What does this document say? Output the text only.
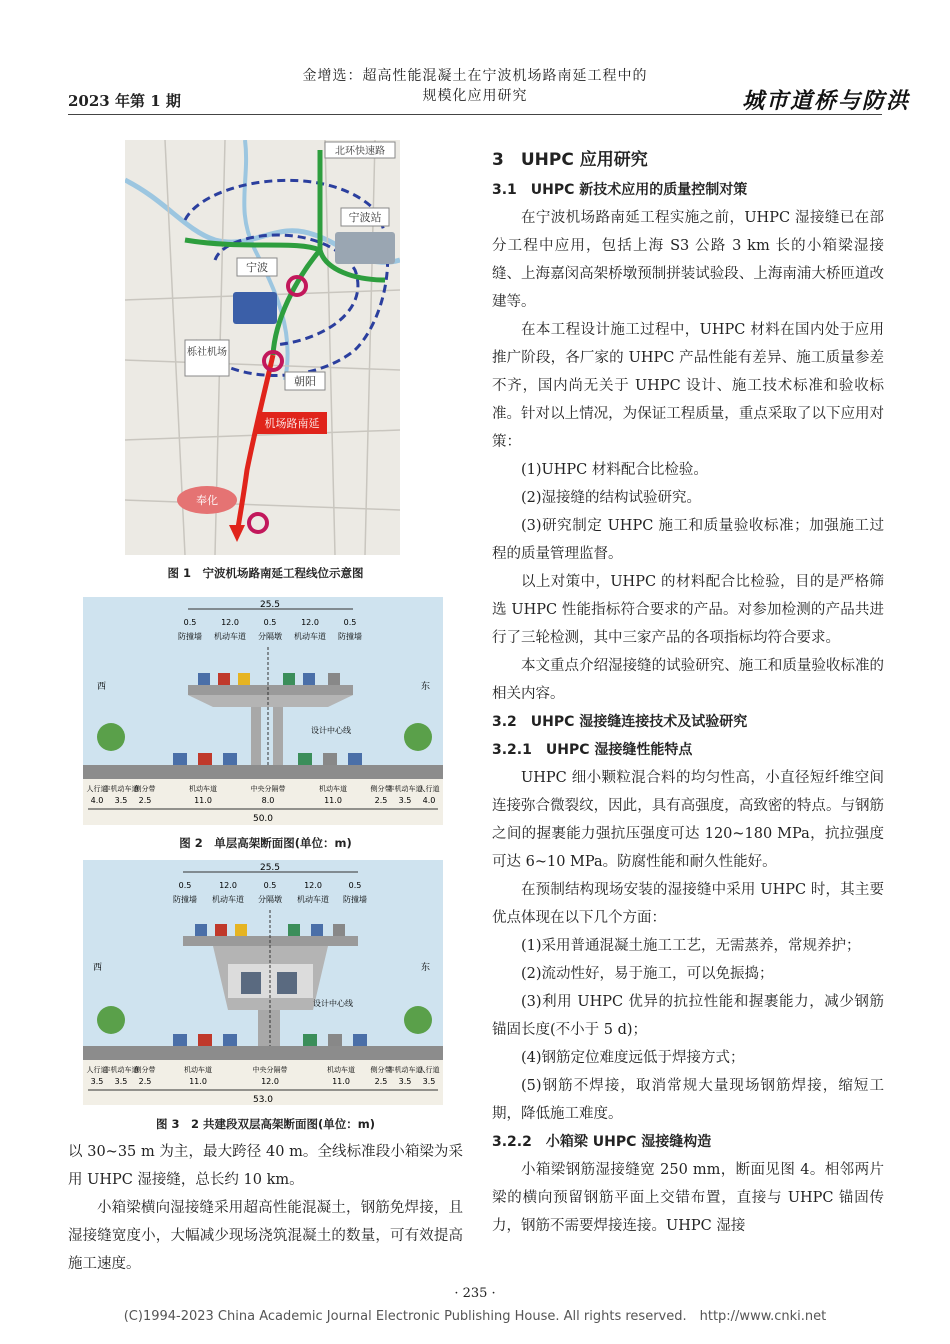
金增选：超高性能混凝土在宁波机场路南延工程中的
规模化应用研究
2023 年第 1 期	城市道桥与防洪
北环快速路
宁波站
宁波
栎社机场
朝阳
机场路南延
奉化
图 1　宁波机场路南延工程线位示意图
25.5
0.5	12.0	0.5	12.0	0.5
防撞墙 机动车道 分隔墩 机动车道 防撞墙
西	东
设计中心线
人行道
非机动车道
侧分带	机动车道	中央分隔带	机动车道	侧分带
非机动车道
人行道
4.0 3.5 2.5	11.0	8.0	11.0	2.5 3.5 4.0
50.0
图 2　单层高架断面图(单位：m)
25.5
0.5	12.0	0.5	12.0	0.5
防撞墙 机动车道 分隔墩 机动车道 防撞墙
西	东
设计中心线
人行道
非机动车道
侧分带	机动车道	中央分隔带	机动车道 侧分带
非机动车道
人行道
3.5 3.5 2.5	11.0	12.0	11.0	2.5 3.5 3.5
53.0
图 3　2 共建段双层高架断面图(单位：m)

以 30~35 m 为主，最大跨径 40 m。全线标准段小箱梁为采用 UHPC 湿接缝，总长约 10 km。

小箱梁横向湿接缝采用超高性能混凝土，钢筋免焊接，且湿接缝宽度小，大幅减少现场浇筑混凝土的数量，可有效提高施工速度。

3　UHPC 应用研究

3.1　UHPC 新技术应用的质量控制对策

在宁波机场路南延工程实施之前，UHPC 湿接缝已在部分工程中应用，包括上海 S3 公路 3 km 长的小箱梁湿接缝、上海嘉闵高架桥墩预制拼装试验段、上海南浦大桥匝道改建等。

在本工程设计施工过程中，UHPC 材料在国内处于应用推广阶段，各厂家的 UHPC 产品性能有差异、施工质量参差不齐，国内尚无关于 UHPC 设计、施工技术标准和验收标准。针对以上情况，为保证工程质量，重点采取了以下应用对策：

(1)UHPC 材料配合比检验。

(2)湿接缝的结构试验研究。

(3)研究制定 UHPC 施工和质量验收标准；加强施工过程的质量管理监督。

以上对策中，UHPC 的材料配合比检验，目的是严格筛选 UHPC 性能指标符合要求的产品。对参加检测的产品共进行了三轮检测，其中三家产品的各项指标均符合要求。

本文重点介绍湿接缝的试验研究、施工和质量验收标准的相关内容。

3.2　UHPC 湿接缝连接技术及试验研究

3.2.1　UHPC 湿接缝性能特点

UHPC 细小颗粒混合料的均匀性高，小直径短纤维空间连接弥合微裂纹，因此，具有高强度，高致密的特点。与钢筋之间的握裹能力强抗压强度可达 120~180 MPa，抗拉强度可达 6~10 MPa。防腐性能和耐久性能好。

在预制结构现场安装的湿接缝中采用 UHPC 时，其主要优点体现在以下几个方面：

(1)采用普通混凝土施工工艺，无需蒸养，常规养护；

(2)流动性好，易于施工，可以免振捣；

(3)利用 UHPC 优异的抗拉性能和握裹能力，减少钢筋锚固长度(不小于 5 d)；

(4)钢筋定位难度远低于焊接方式；

(5)钢筋不焊接，取消常规大量现场钢筋焊接，缩短工期，降低施工难度。

3.2.2　小箱梁 UHPC 湿接缝构造

小箱梁钢筋湿接缝宽 250 mm，断面见图 4。相邻两片梁的横向预留钢筋平面上交错布置，直接与 UHPC 锚固传力，钢筋不需要焊接连接。UHPC 湿接

· 235 ·
(C)1994-2023 China Academic Journal Electronic Publishing House. All rights reserved.　http://www.cnki.net
